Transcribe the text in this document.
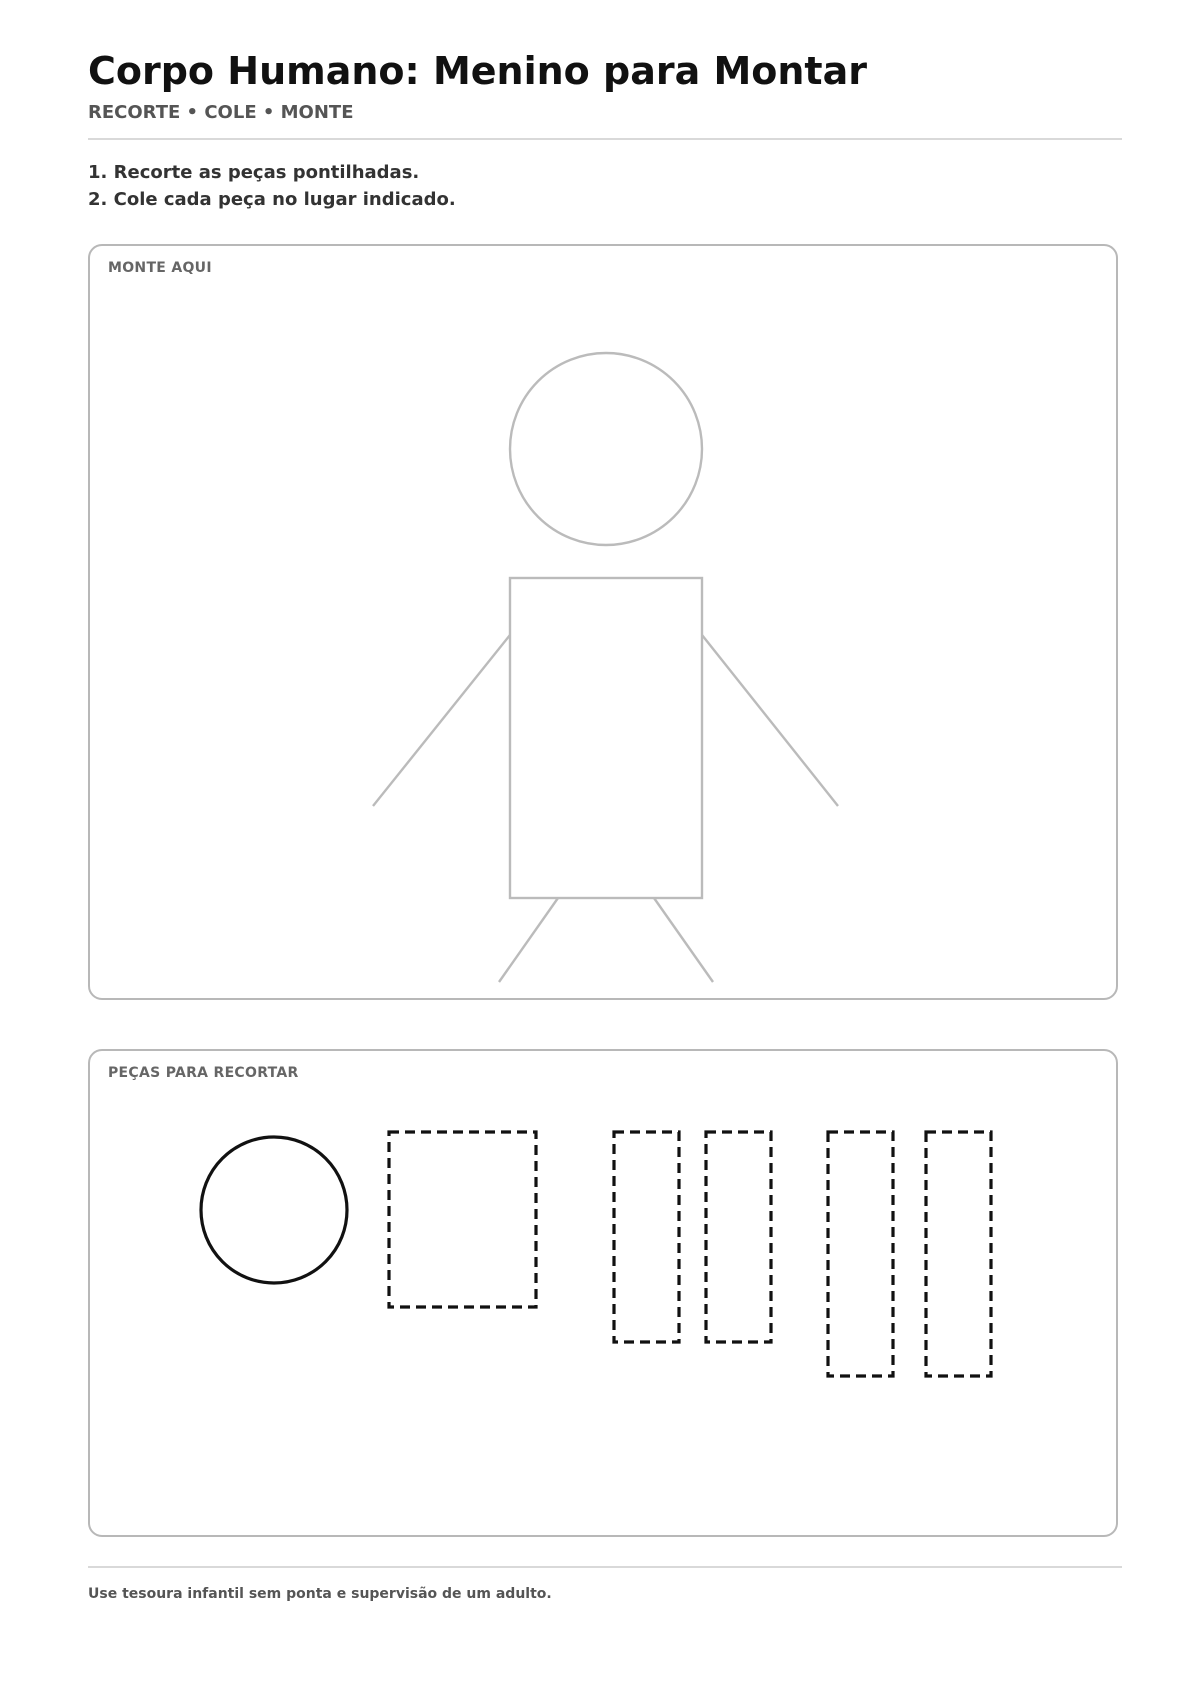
Corpo Humano: Menino para Montar
RECORTE • COLE • MONTE
1. Recorte as peças pontilhadas.
2. Cole cada peça no lugar indicado.
MONTE AQUI
PEÇAS PARA RECORTAR
Use tesoura infantil sem ponta e supervisão de um adulto.
